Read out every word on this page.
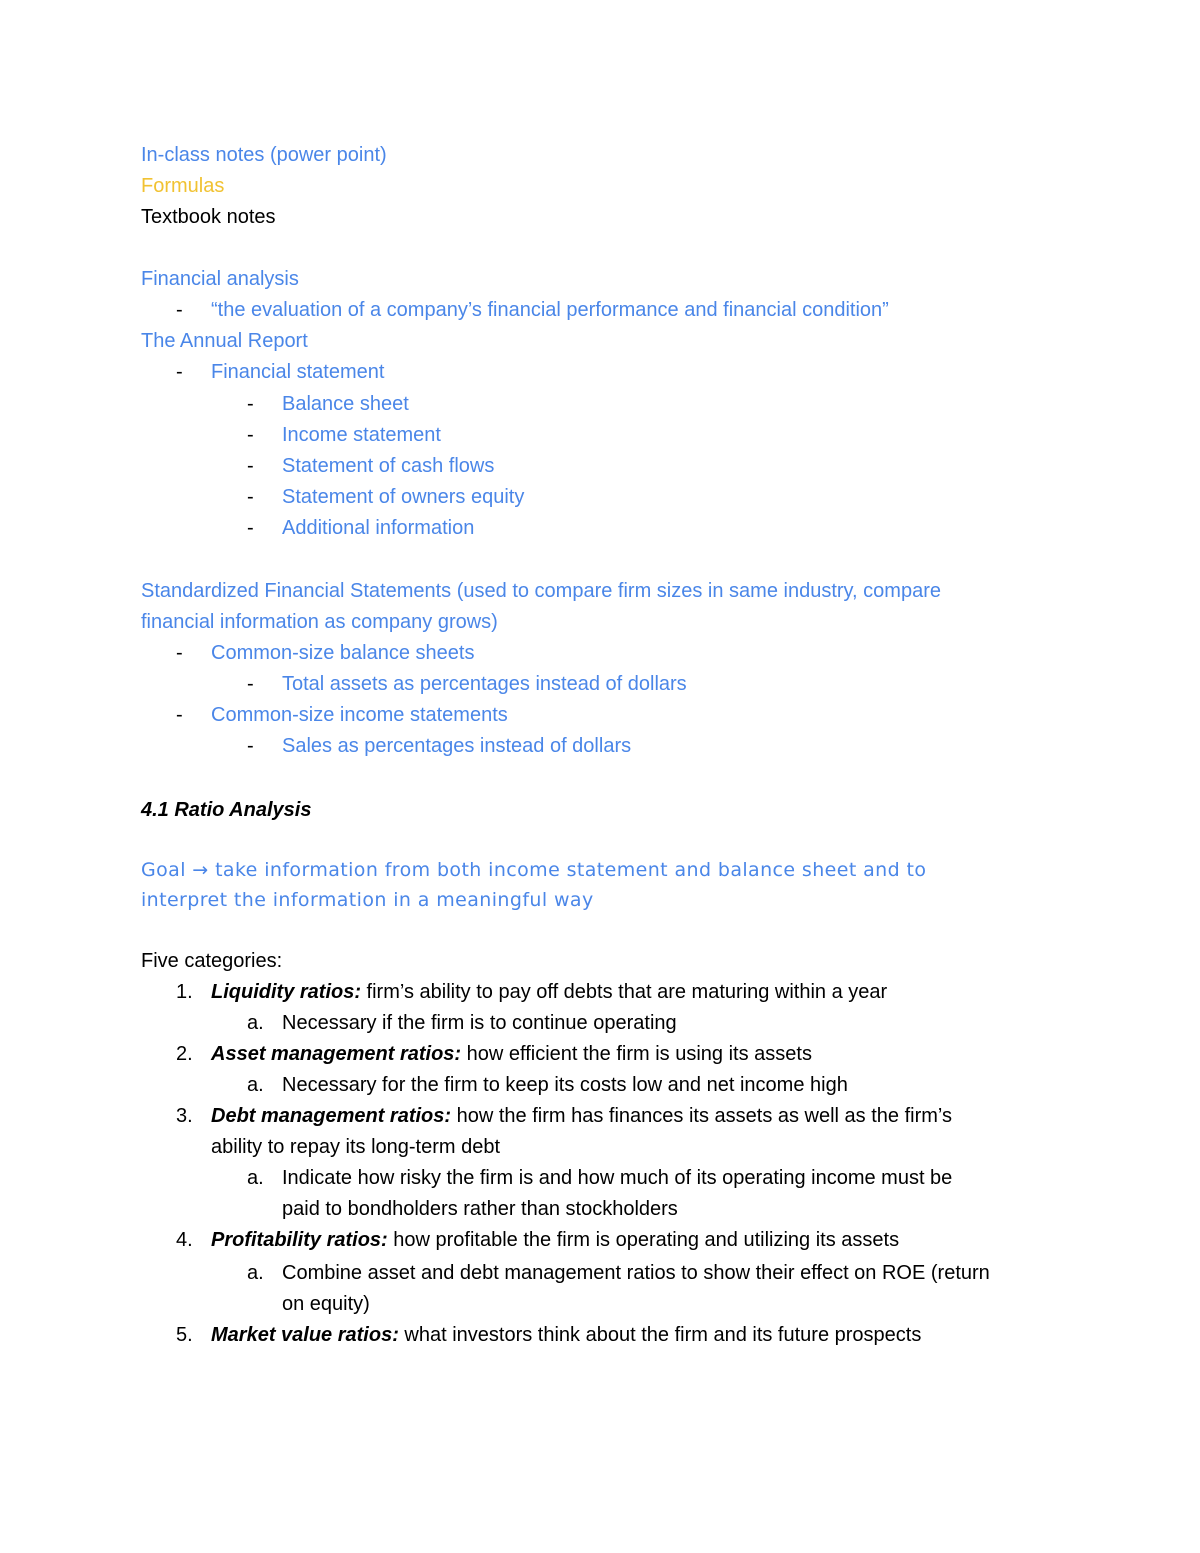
In-class notes (power point)
Formulas
Textbook notes
Financial analysis
- “the evaluation of a company’s financial performance and financial condition”
The Annual Report
- Financial statement
- Balance sheet
- Income statement
- Statement of cash flows
- Statement of owners equity
- Additional information
Standardized Financial Statements (used to compare firm sizes in same industry, compare
financial information as company grows)
- Common-size balance sheets
- Total assets as percentages instead of dollars
- Common-size income statements
- Sales as percentages instead of dollars
4.1 Ratio Analysis
Goal → take information from both income statement and balance sheet and to
interpret the information in a meaningful way
Five categories:
1. Liquidity ratios: firm’s ability to pay off debts that are maturing within a year
a. Necessary if the firm is to continue operating
2. Asset management ratios: how efficient the firm is using its assets
a. Necessary for the firm to keep its costs low and net income high
3. Debt management ratios: how the firm has finances its assets as well as the firm’s
ability to repay its long-term debt
a. Indicate how risky the firm is and how much of its operating income must be
paid to bondholders rather than stockholders
4. Profitability ratios: how profitable the firm is operating and utilizing its assets
a. Combine asset and debt management ratios to show their effect on ROE (return
on equity)
5. Market value ratios: what investors think about the firm and its future prospects
